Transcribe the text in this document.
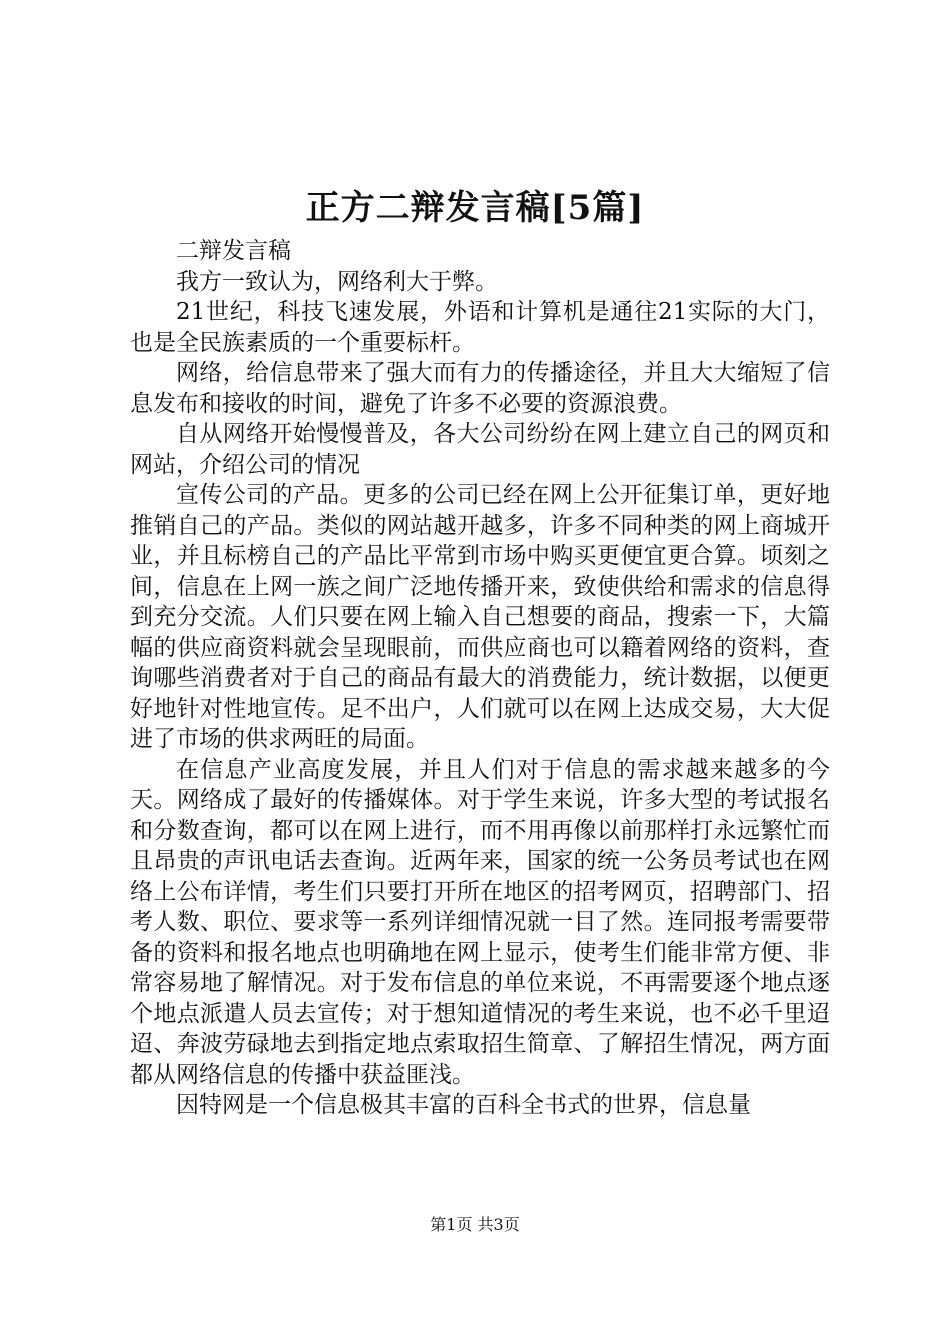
正方二辩发言稿[5篇]

二辩发言稿

我方一致认为，网络利大于弊。

21世纪，科技飞速发展，外语和计算机是通往21实际的大门，也是全民族素质的一个重要标杆。

网络，给信息带来了强大而有力的传播途径，并且大大缩短了信息发布和接收的时间，避免了许多不必要的资源浪费。

自从网络开始慢慢普及，各大公司纷纷在网上建立自己的网页和网站，介绍公司的情况

宣传公司的产品。更多的公司已经在网上公开征集订单，更好地推销自己的产品。类似的网站越开越多，许多不同种类的网上商城开业，并且标榜自己的产品比平常到市场中购买更便宜更合算。顷刻之间，信息在上网一族之间广泛地传播开来，致使供给和需求的信息得到充分交流。人们只要在网上输入自己想要的商品，搜索一下，大篇幅的供应商资料就会呈现眼前，而供应商也可以籍着网络的资料，查询哪些消费者对于自己的商品有最大的消费能力，统计数据，以便更好地针对性地宣传。足不出户，人们就可以在网上达成交易，大大促进了市场的供求两旺的局面。

在信息产业高度发展，并且人们对于信息的需求越来越多的今天。网络成了最好的传播媒体。对于学生来说，许多大型的考试报名和分数查询，都可以在网上进行，而不用再像以前那样打永远繁忙而且昂贵的声讯电话去查询。近两年来，国家的统一公务员考试也在网络上公布详情，考生们只要打开所在地区的招考网页，招聘部门、招考人数、职位、要求等一系列详细情况就一目了然。连同报考需要带备的资料和报名地点也明确地在网上显示，使考生们能非常方便、非常容易地了解情况。对于发布信息的单位来说，不再需要逐个地点逐个地点派遣人员去宣传；对于想知道情况的考生来说，也不必千里迢迢、奔波劳碌地去到指定地点索取招生简章、了解招生情况，两方面都从网络信息的传播中获益匪浅。

因特网是一个信息极其丰富的百科全书式的世界，信息量

第1页 共3页
